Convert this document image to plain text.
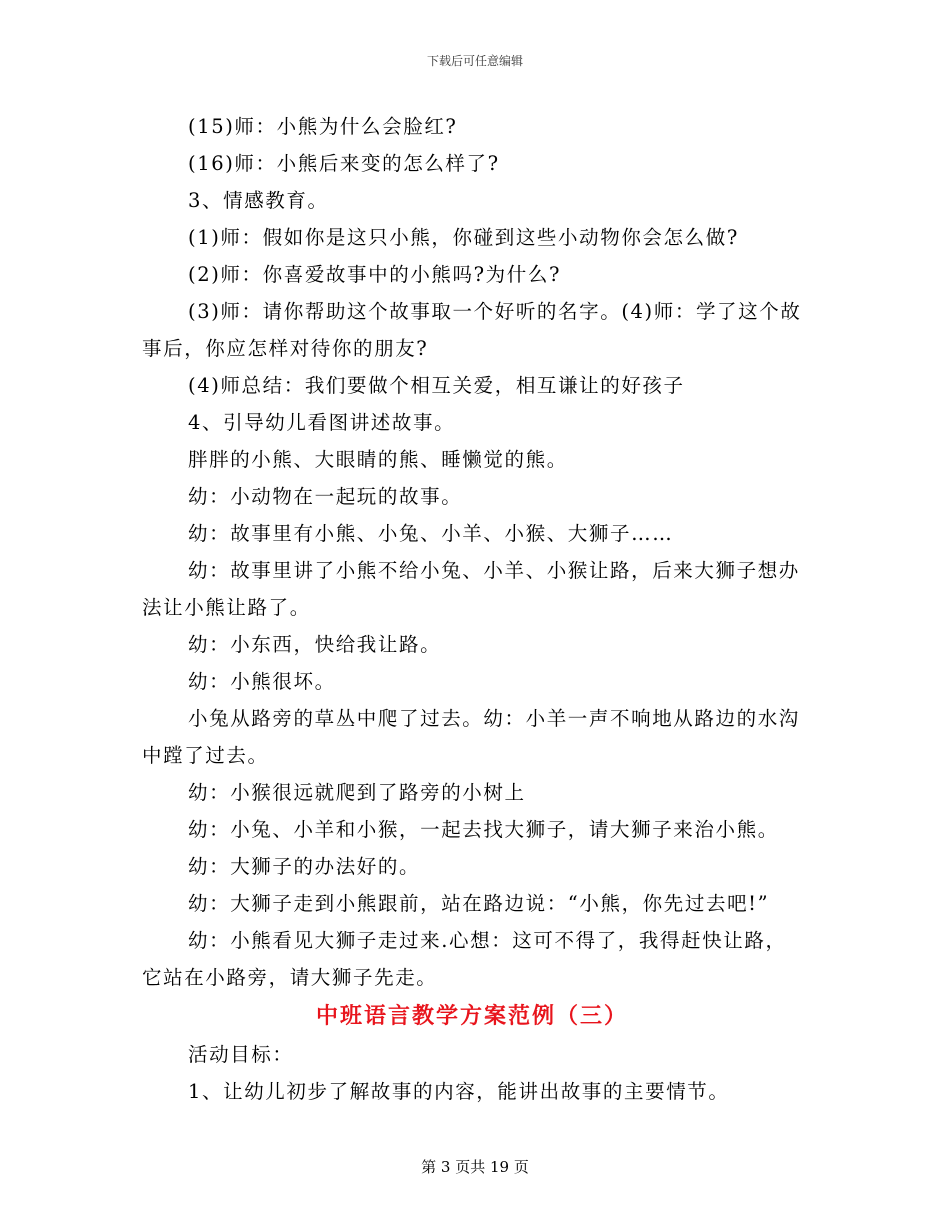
下载后可任意编辑

(15)师：小熊为什么会脸红?

(16)师：小熊后来变的怎么样了?

3、情感教育。

(1)师：假如你是这只小熊，你碰到这些小动物你会怎么做?

(2)师：你喜爱故事中的小熊吗?为什么?

(3)师：请你帮助这个故事取一个好听的名字。(4)师：学了这个故事后，你应怎样对待你的朋友?

(4)师总结：我们要做个相互关爱，相互谦让的好孩子

4、引导幼儿看图讲述故事。

胖胖的小熊、大眼睛的熊、睡懒觉的熊。

幼：小动物在一起玩的故事。

幼：故事里有小熊、小兔、小羊、小猴、大狮子……

幼：故事里讲了小熊不给小兔、小羊、小猴让路，后来大狮子想办法让小熊让路了。

幼：小东西，快给我让路。

幼：小熊很坏。

小兔从路旁的草丛中爬了过去。幼：小羊一声不响地从路边的水沟中蹚了过去。

幼：小猴很远就爬到了路旁的小树上

幼：小兔、小羊和小猴，一起去找大狮子，请大狮子来治小熊。

幼：大狮子的办法好的。

幼：大狮子走到小熊跟前，站在路边说：“小熊，你先过去吧!”

幼：小熊看见大狮子走过来.心想：这可不得了，我得赶快让路，它站在小路旁，请大狮子先走。

中班语言教学方案范例（三）

活动目标：

1、让幼儿初步了解故事的内容，能讲出故事的主要情节。

第 3 页共 19 页
